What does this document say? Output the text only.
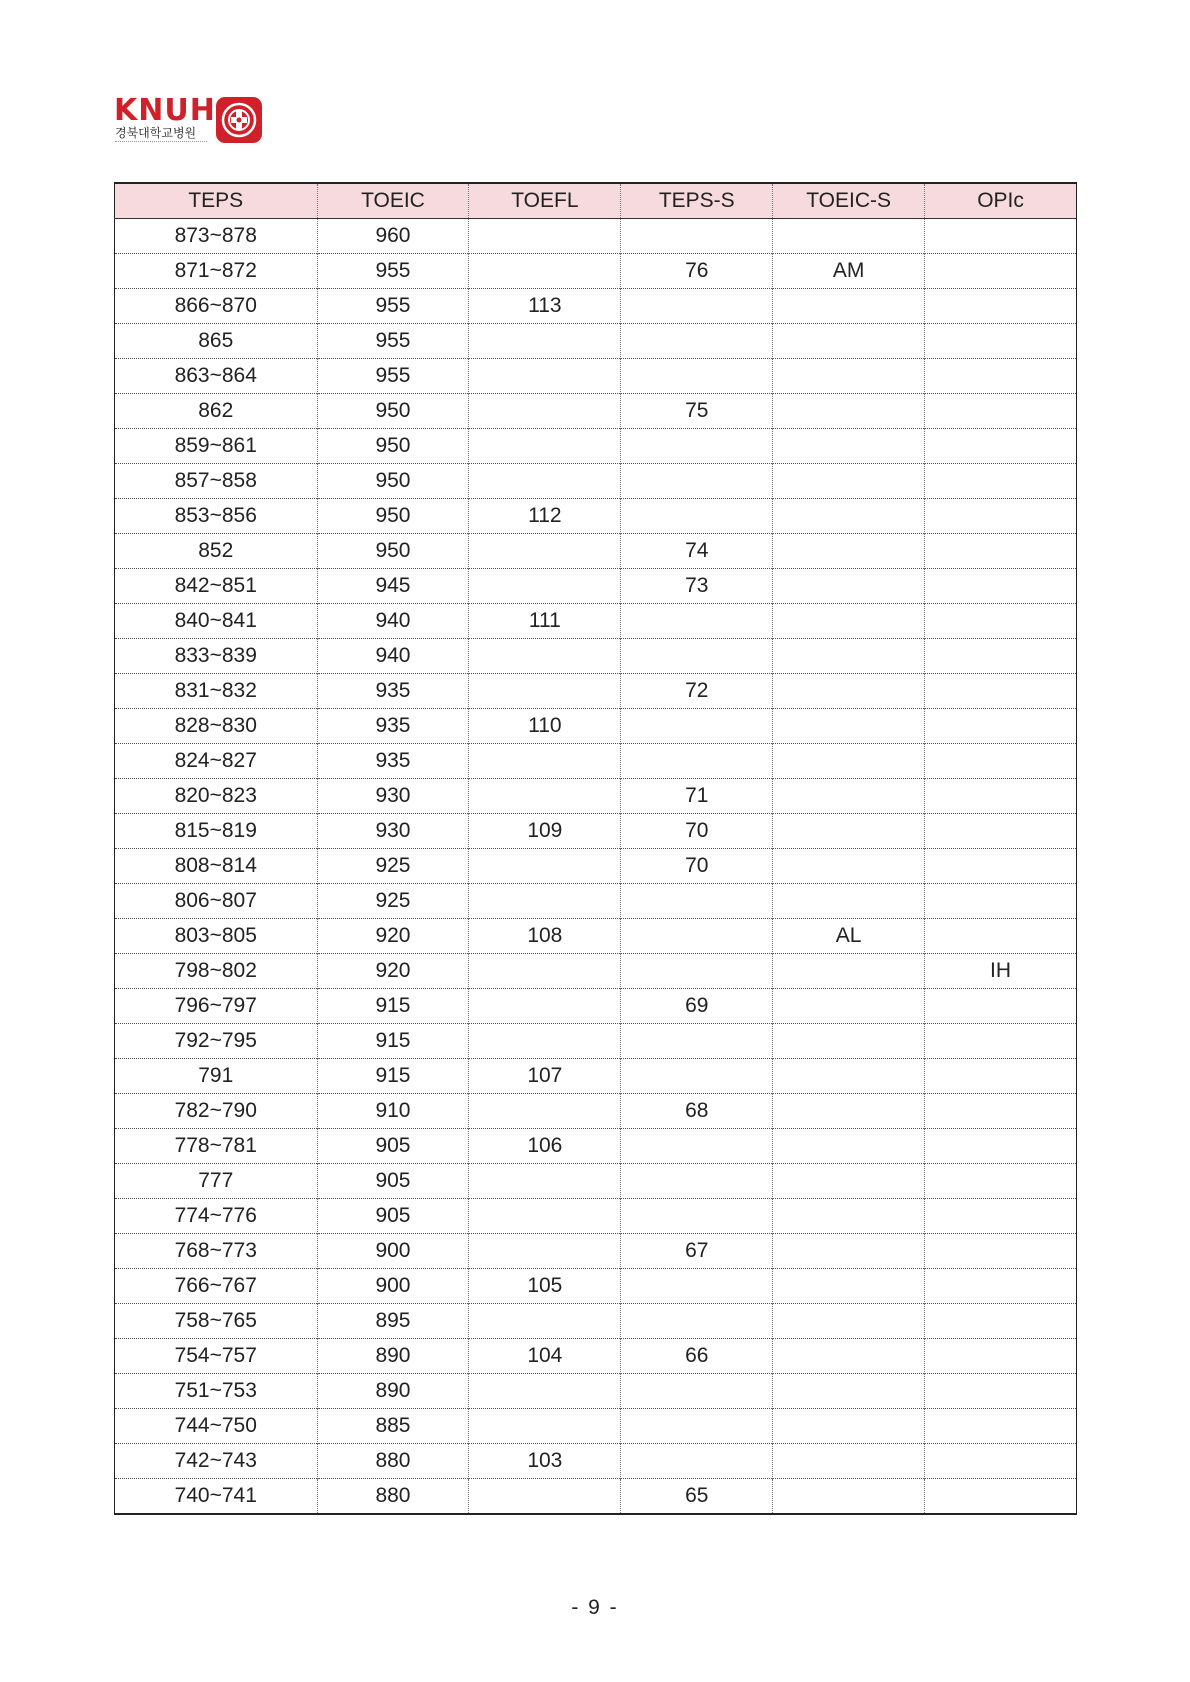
KNUH
경북대학교병원
TEPS	TOEIC	TOEFL	TEPS-S	TOEIC-S	OPIc
873~878	960				
871~872	955		76	AM	
866~870	955	113			
865	955				
863~864	955				
862	950		75		
859~861	950				
857~858	950				
853~856	950	112			
852	950		74		
842~851	945		73		
840~841	940	111			
833~839	940				
831~832	935		72		
828~830	935	110			
824~827	935				
820~823	930		71		
815~819	930	109	70		
808~814	925		70		
806~807	925				
803~805	920	108		AL	
798~802	920				IH
796~797	915		69		
792~795	915				
791	915	107			
782~790	910		68		
778~781	905	106			
777	905				
774~776	905				
768~773	900		67		
766~767	900	105			
758~765	895				
754~757	890	104	66		
751~753	890				
744~750	885				
742~743	880	103			
740~741	880		65		
- 9 -
